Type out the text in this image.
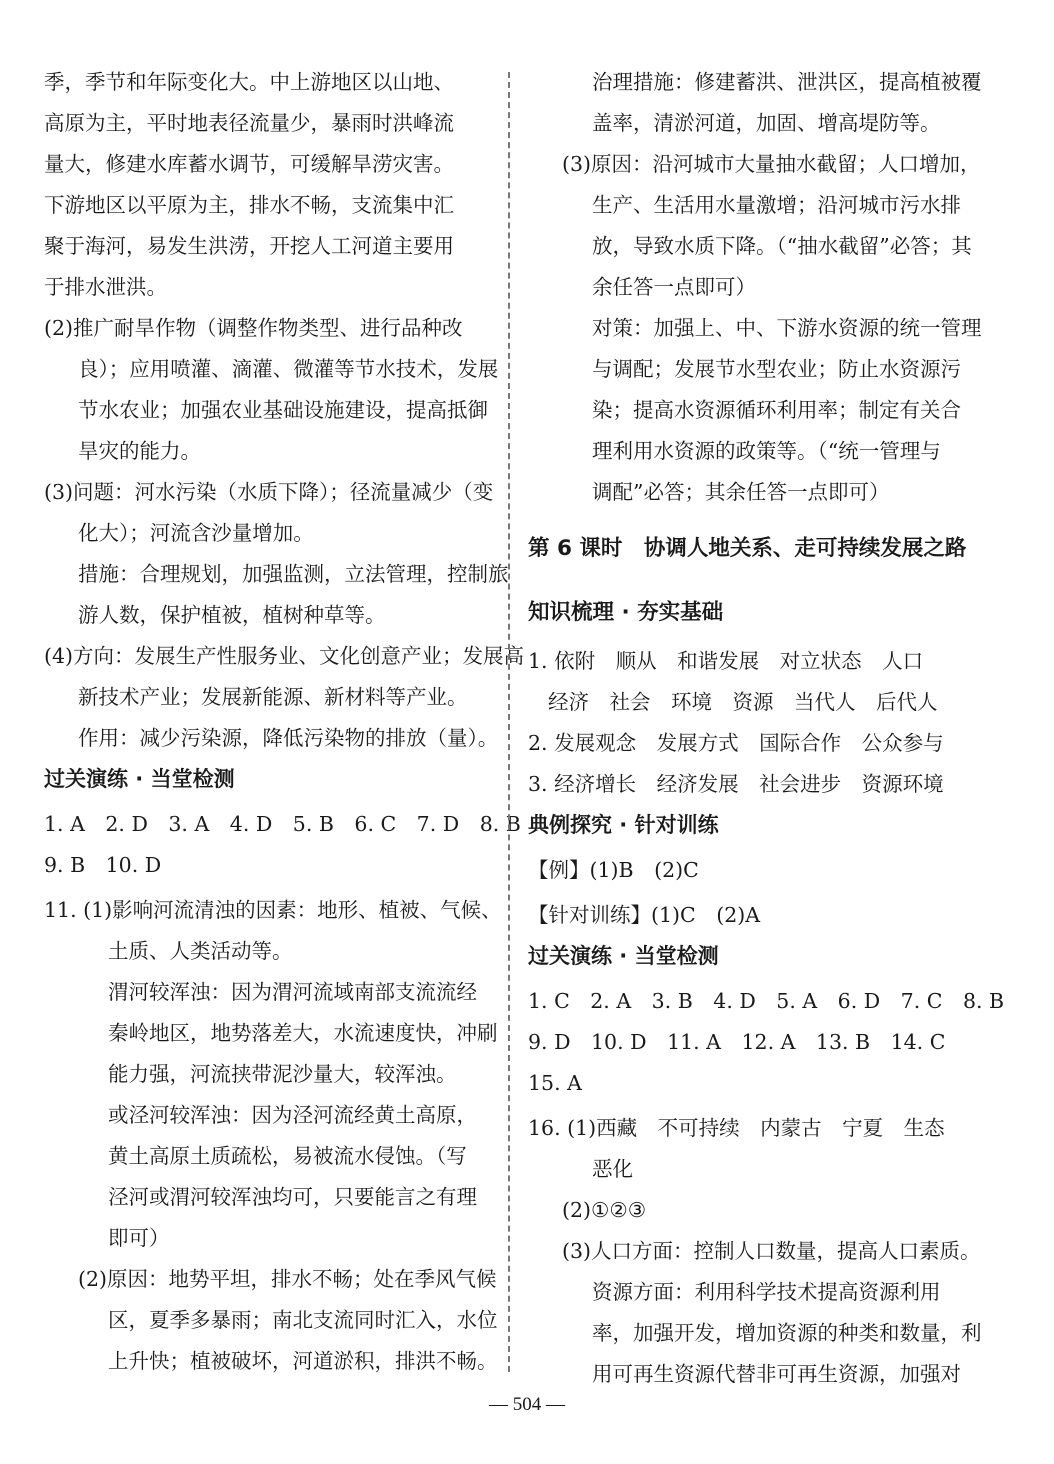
季，季节和年际变化大。中上游地区以山地、
高原为主，平时地表径流量少，暴雨时洪峰流
量大，修建水库蓄水调节，可缓解旱涝灾害。
下游地区以平原为主，排水不畅，支流集中汇
聚于海河，易发生洪涝，开挖人工河道主要用
于排水泄洪。
(2)推广耐旱作物（调整作物类型、进行品种改
良）；应用喷灌、滴灌、微灌等节水技术，发展
节水农业；加强农业基础设施建设，提高抵御
旱灾的能力。
(3)问题：河水污染（水质下降）；径流量减少（变
化大）；河流含沙量增加。
措施：合理规划，加强监测，立法管理，控制旅
游人数，保护植被，植树种草等。
(4)方向：发展生产性服务业、文化创意产业；发展高
新技术产业；发展新能源、新材料等产业。
作用：减少污染源，降低污染物的排放（量）。
过关演练 · 当堂检测
1. A　2. D　3. A　4. D　5. B　6. C　7. D　8. B
9. B　10. D
11. (1)影响河流清浊的因素：地形、植被、气候、
土质、人类活动等。
渭河较浑浊：因为渭河流域南部支流流经
秦岭地区，地势落差大，水流速度快，冲刷
能力强，河流挟带泥沙量大，较浑浊。
或泾河较浑浊：因为泾河流经黄土高原，
黄土高原土质疏松，易被流水侵蚀。（写
泾河或渭河较浑浊均可，只要能言之有理
即可）
(2)原因：地势平坦，排水不畅；处在季风气候
区，夏季多暴雨；南北支流同时汇入，水位
上升快；植被破坏，河道淤积，排洪不畅。
治理措施：修建蓄洪、泄洪区，提高植被覆
盖率，清淤河道，加固、增高堤防等。
(3)原因：沿河城市大量抽水截留；人口增加，
生产、生活用水量激增；沿河城市污水排
放，导致水质下降。（“抽水截留”必答；其
余任答一点即可）
对策：加强上、中、下游水资源的统一管理
与调配；发展节水型农业；防止水资源污
染；提高水资源循环利用率；制定有关合
理利用水资源的政策等。（“统一管理与
调配”必答；其余任答一点即可）
第 6 课时　协调人地关系、走可持续发展之路
知识梳理 · 夯实基础
1. 依附　顺从　和谐发展　对立状态　人口
经济　社会　环境　资源　当代人　后代人
2. 发展观念　发展方式　国际合作　公众参与
3. 经济增长　经济发展　社会进步　资源环境
典例探究 · 针对训练
【例】(1)B　(2)C
【针对训练】(1)C　(2)A
过关演练 · 当堂检测
1. C　2. A　3. B　4. D　5. A　6. D　7. C　8. B
9. D　10. D　11. A　12. A　13. B　14. C
15. A
16. (1)西藏　不可持续　内蒙古　宁夏　生态
恶化
(2)①②③
(3)人口方面：控制人口数量，提高人口素质。
资源方面：利用科学技术提高资源利用
率，加强开发，增加资源的种类和数量，利
用可再生资源代替非可再生资源，加强对
— 504 —
